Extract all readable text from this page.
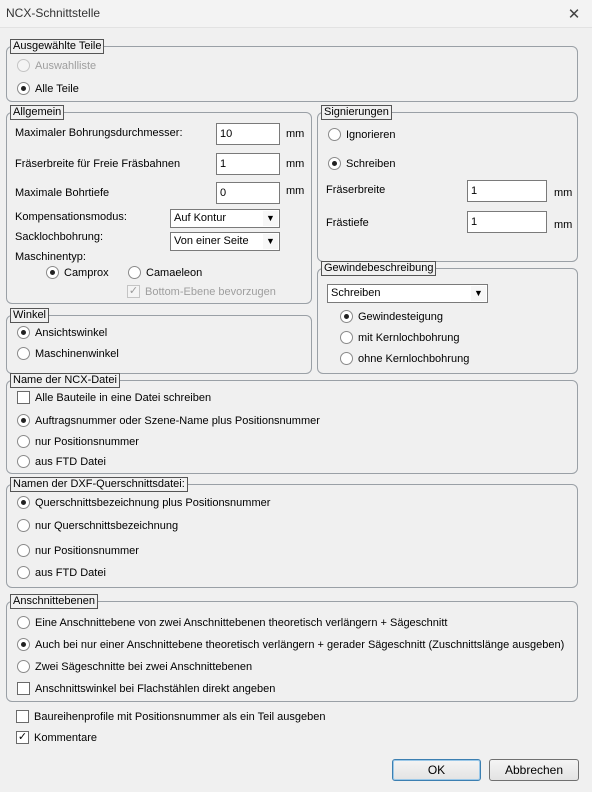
NCX-Schnittstelle	✕
Ausgewählte Teile
Auswahlliste
Alle Teile
Allgemein
Maximaler Bohrungsdurchmesser:	10	mm
Fräserbreite für Freie Fräsbahnen	1	mm
Maximale Bohrtiefe	0	mm
Kompensationsmodus:	Auf Kontur	▼
Sacklochbohrung:	Von einer Seite	▼
Maschinentyp:
Camprox	Camaeleon
✓ Bottom-Ebene bevorzugen
Signierungen
Ignorieren
Schreiben
Fräserbreite	1	mm
Frästiefe	1	mm
Gewindebeschreibung
Schreiben	▼
Gewindesteigung
mit Kernlochbohrung
ohne Kernlochbohrung
Winkel
Ansichtswinkel
Maschinenwinkel
Name der NCX-Datei
Alle Bauteile in eine Datei schreiben
Auftragsnummer oder Szene-Name plus Positionsnummer
nur Positionsnummer
aus FTD Datei
Namen der DXF-Querschnittsdatei:
Querschnittsbezeichnung plus Positionsnummer
nur Querschnittsbezeichnung
nur Positionsnummer
aus FTD Datei
Anschnittebenen
Eine Anschnittebene von zwei Anschnittebenen theoretisch verlängern + Sägeschnitt
Auch bei nur einer Anschnittebene theoretisch verlängern + gerader Sägeschnitt (Zuschnittslänge ausgeben)
Zwei Sägeschnitte bei zwei Anschnittebenen
Anschnittswinkel bei Flachstählen direkt angeben
Baureihenprofile mit Positionsnummer als ein Teil ausgeben
✓ Kommentare
OK	Abbrechen
